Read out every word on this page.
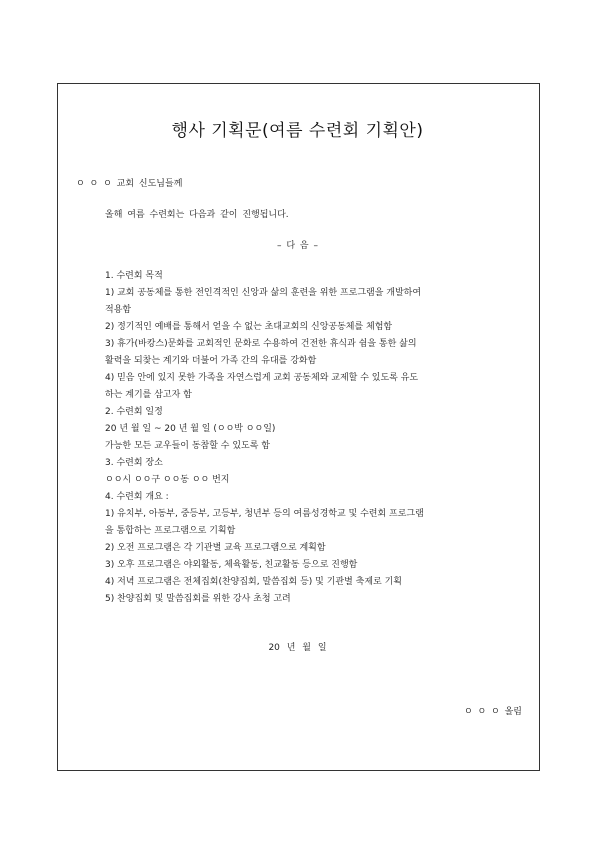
행사 기획문(여름 수련회 기획안)
ㅇ ㅇ ㅇ 교회 신도님들께
올해 여름 수련회는 다음과 같이 진행됩니다.
– 다 음 –
1. 수련회 목적
1) 교회 공동체를 통한 전인격적인 신앙과 삶의 훈련을 위한 프로그램을 개발하여
적용함
2) 정기적인 예배를 통해서 얻을 수 없는 초대교회의 신앙공동체를 체험함
3) 휴가(바캉스)문화를 교회적인 문화로 수용하여 건전한 휴식과 쉼을 통한 삶의
활력을 되찾는 계기와 더불어 가족 간의 유대를 강화함
4) 믿음 안에 있지 못한 가족을 자연스럽게 교회 공동체와 교제할 수 있도록 유도
하는 계기를 삼고자 함
2. 수련회 일정
20 년 월 일 ~ 20 년 월 일 (ㅇㅇ박 ㅇㅇ일)
가능한 모든 교우들이 동참할 수 있도록 함
3. 수련회 장소
ㅇㅇ시 ㅇㅇ구 ㅇㅇ동 ㅇㅇ 번지
4. 수련회 개요 :
1) 유치부, 아동부, 중등부, 고등부, 청년부 등의 여름성경학교 및 수련회 프로그램
을 통합하는 프로그램으로 기획함
2) 오전 프로그램은 각 기관별 교육 프로그램으로 계획함
3) 오후 프로그램은 야외활동, 체육활동, 친교활동 등으로 진행함
4) 저녁 프로그램은 전체집회(찬양집회, 말씀집회 등) 및 기관별 축제로 기획
5) 찬양집회 및 말씀집회를 위한 강사 초청 고려
20 년 월 일
ㅇ ㅇ ㅇ 올림
